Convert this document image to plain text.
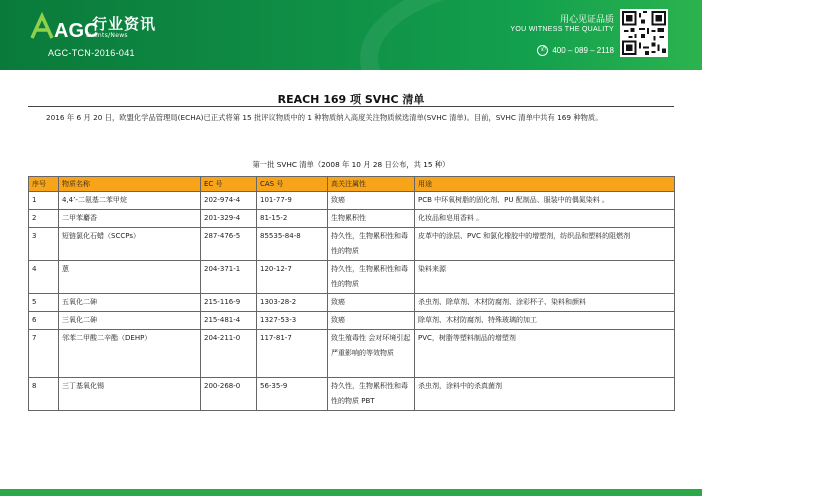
AGC
行业资讯
Events/News
AGC-TCN-2016-041
用心见证品质
YOU WITNESS THE QUALITY
✆ 400 – 089 – 2118
REACH 169 项 SVHC 清单
2016 年 6 月 20 日，欧盟化学品管理局(ECHA)已正式将第 15 批评议物质中的 1 种物质纳入高度关注物质候选清单(SVHC 清单)。目前，SVHC 清单中共有 169 种物质。
第一批 SVHC 清单（2008 年 10 月 28 日公布，共 15 种）
序号	物质名称	EC 号	CAS 号	高关注属性	用途
1	4,4’-二氨基二苯甲烷	202-974-4	101-77-9	致癌	PCB 中环氧树脂的固化剂、PU 配制品、服装中的偶氮染料 。
2	二甲苯麝香	201-329-4	81-15-2	生物累积性	化妆品和皂用香料 。
3	短链氯化石蜡（SCCPs）	287-476-5	85535-84-8	持久性，生物累积性和毒性的物质	皮革中的涂层、PVC 和氯化橡胶中的增塑剂，纺织品和塑料的阻燃剂
4	蒽	204-371-1	120-12-7	持久性，生物累积性和毒性的物质	染料来源
5	五氧化二砷	215-116-9	1303-28-2	致癌	杀虫剂、除草剂、木材防腐剂、涂彩杯子、染料和颜料
6	三氧化二砷	215-481-4	1327-53-3	致癌	除草剂、木材防腐剂、特殊玻璃的加工
7	邻苯二甲酸二辛酯（DEHP）	204-211-0	117-81-7	致生殖毒性 会对环境引起严重影响的等效物质	PVC，树脂等塑料制品的增塑剂
8	三丁基氧化锡	200-268-0	56-35-9	持久性，生物累积性和毒性的物质 PBT	杀虫剂，涂料中的杀真菌剂
